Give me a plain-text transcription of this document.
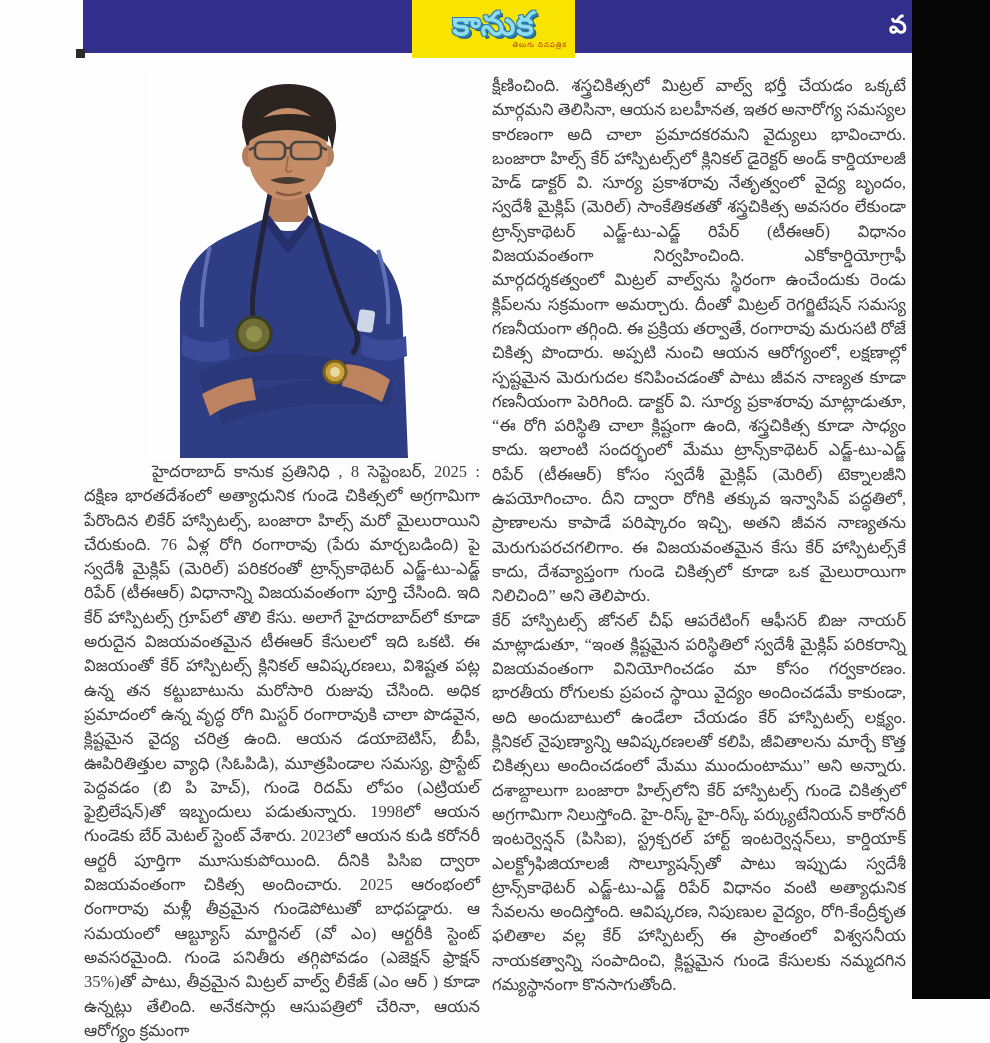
వ
కానుక
తెలుగు దినపత్రిక

హైదరాబాద్ కానుక ప్రతినిధి , 8 సెప్టెంబర్, 2025 : దక్షిణ భారతదేశంలో అత్యాధునిక గుండె చికిత్సలో అగ్రగామిగా పేరొందిన లికేర్ హాస్పిటల్స్, బంజారా హిల్స్ మరో మైలురాయిని చేరుకుంది. 76 ఏళ్ల రోగి రంగారావు (పేరు మార్చబడింది) పై స్వదేశీ మైక్లిప్ (మెరిల్) పరికరంతో ట్రాన్స్‌కాథెటర్ ఎడ్జ్-టు-ఎడ్జ్ రిపేర్ (టీఈఆర్) విధానాన్ని విజయవంతంగా పూర్తి చేసింది. ఇది కేర్ హాస్పిటల్స్ గ్రూప్‌లో తొలి కేసు. అలాగే హైదరాబాద్‌లో కూడా అరుదైన విజయవంతమైన టీఈఆర్ కేసులలో ఇది ఒకటి. ఈ విజయంతో కేర్ హాస్పిటల్స్ క్లినికల్ ఆవిష్కరణలు, విశిష్టత పట్ల ఉన్న తన కట్టుబాటును మరోసారి రుజువు చేసింది. అధిక ప్రమాదంలో ఉన్న వృద్ధ రోగి మిస్టర్ రంగారావుకి చాలా పొడవైన, క్లిష్టమైన వైద్య చరిత్ర ఉంది. ఆయన డయాబెటిస్, బీపీ, ఊపిరితిత్తుల వ్యాధి (సిఓపిడి), మూత్రపిండాల సమస్య, ప్రొస్టేట్ పెద్దవడం (బి పి హెచ్), గుండె రిదమ్ లోపం (ఎట్రియల్ ఫైబ్రిలేషన్)తో ఇబ్బందులు పడుతున్నారు. 1998లో ఆయన గుండెకు బేర్ మెటల్ స్టెంట్ వేశారు. 2023లో ఆయన కుడి కరోనరీ ఆర్టరీ పూర్తిగా మూసుకుపోయింది. దీనికి పిసిఐ ద్వారా విజయవంతంగా చికిత్స అందించారు. 2025 ఆరంభంలో రంగారావు మళ్లీ తీవ్రమైన గుండెపోటుతో బాధపడ్డారు. ఆ సమయంలో ఆబ్ట్యూస్ మార్జినల్ (వో ఎం) ఆర్టరీకి స్టెంట్ అవసరమైంది. గుండె పనితీరు తగ్గిపోవడం (ఎజెక్షన్ ఫ్రాక్షన్ 35%)తో పాటు, తీవ్రమైన మిట్రల్ వాల్వ్ లీకేజ్ (ఎం ఆర్ ) కూడా ఉన్నట్లు తేలింది. అనేకసార్లు ఆసుపత్రిలో చేరినా, ఆయన ఆరోగ్యం క్రమంగా

క్షీణించింది. శస్త్రచికిత్సలో మిట్రల్ వాల్వ్ భర్తీ చేయడం ఒక్కటే మార్గమని తెలిసినా, ఆయన బలహీనత, ఇతర అనారోగ్య సమస్యల కారణంగా అది చాలా ప్రమాదకరమని వైద్యులు భావించారు. బంజారా హిల్స్ కేర్ హాస్పిటల్స్‌లో క్లినికల్ డైరెక్టర్ అండ్ కార్డియాలజీ హెడ్ డాక్టర్ వి. సూర్య ప్రకాశరావు నేతృత్వంలో వైద్య బృందం, స్వదేశీ మైక్లిప్ (మెరిల్) సాంకేతికతతో శస్త్రచికిత్స అవసరం లేకుండా ట్రాన్స్‌కాథెటర్ ఎడ్జ్-టు-ఎడ్జ్ రిపేర్ (టీఈఆర్) విధానం విజయవంతంగా నిర్వహించింది. ఎకోకార్డియోగ్రాఫీ మార్గదర్శకత్వంలో మిట్రల్ వాల్వ్‌ను స్థిరంగా ఉంచేందుకు రెండు క్లిప్‌లను సక్రమంగా అమర్చారు. దీంతో మిట్రల్ రెగర్జిటేషన్ సమస్య గణనీయంగా తగ్గింది. ఈ ప్రక్రియ తర్వాతే, రంగారావు మరుసటి రోజే చికిత్స పొందారు. అప్పటి నుంచి ఆయన ఆరోగ్యంలో, లక్షణాల్లో స్పష్టమైన మెరుగుదల కనిపించడంతో పాటు జీవన నాణ్యత కూడా గణనీయంగా పెరిగింది. డాక్టర్ వి. సూర్య ప్రకాశరావు మాట్లాడుతూ, “ఈ రోగి పరిస్థితి చాలా క్లిష్టంగా ఉంది, శస్త్రచికిత్స కూడా సాధ్యం కాదు. ఇలాంటి సందర్భంలో మేము ట్రాన్స్‌కాథెటర్ ఎడ్జ్-టు-ఎడ్జ్ రిపేర్ (టీఈఆర్) కోసం స్వదేశీ మైక్లిప్ (మెరిల్) టెక్నాలజీని ఉపయోగించాం. దీని ద్వారా రోగికి తక్కువ ఇన్వాసివ్ పద్ధతిలో, ప్రాణాలను కాపాడే పరిష్కారం ఇచ్చి, అతని జీవన నాణ్యతను మెరుగుపరచగలిగాం. ఈ విజయవంతమైన కేసు కేర్ హాస్పిటల్స్‌కే కాదు, దేశవ్యాప్తంగా గుండె చికిత్సలో కూడా ఒక మైలురాయిగా నిలిచింది” అని తెలిపారు.

కేర్ హాస్పిటల్స్ జోనల్ చీఫ్ ఆపరేటింగ్ ఆఫీసర్ బిజు నాయర్ మాట్లాడుతూ, “ఇంత క్లిష్టమైన పరిస్థితిలో స్వదేశీ మైక్లిప్ పరికరాన్ని విజయవంతంగా వినియోగించడం మా కోసం గర్వకారణం. భారతీయ రోగులకు ప్రపంచ స్థాయి వైద్యం అందించడమే కాకుండా, అది అందుబాటులో ఉండేలా చేయడం కేర్ హాస్పిటల్స్ లక్ష్యం. క్లినికల్ నైపుణ్యాన్ని ఆవిష్కరణలతో కలిపి, జీవితాలను మార్చే కొత్త చికిత్సలు అందించడంలో మేము ముందుంటాము” అని అన్నారు. దశాబ్దాలుగా బంజారా హిల్స్‌లోని కేర్ హాస్పిటల్స్ గుండె చికిత్సలో అగ్రగామిగా నిలుస్తోంది. హై-రిస్క్ హై-రిస్క్ పర్క్యుటేనియన్ కారోనరీ ఇంటర్వెన్షన్ (పిసిఐ), స్ట్రక్చరల్ హార్ట్ ఇంటర్వెన్షన్‌లు, కార్డియాక్ ఎలక్ట్రోఫిజియాలజీ సొల్యూషన్స్‌తో పాటు ఇప్పుడు స్వదేశీ ట్రాన్స్‌కాథెటర్ ఎడ్జ్-టు-ఎడ్జ్ రిపేర్ విధానం వంటి అత్యాధునిక సేవలను అందిస్తోంది. ఆవిష్కరణ, నిపుణుల వైద్యం, రోగి-కేంద్రీకృత ఫలితాల వల్ల కేర్ హాస్పిటల్స్ ఈ ప్రాంతంలో విశ్వసనీయ నాయకత్వాన్ని సంపాదించి, క్లిష్టమైన గుండె కేసులకు నమ్మదగిన గమ్యస్థానంగా కొనసాగుతోంది.
